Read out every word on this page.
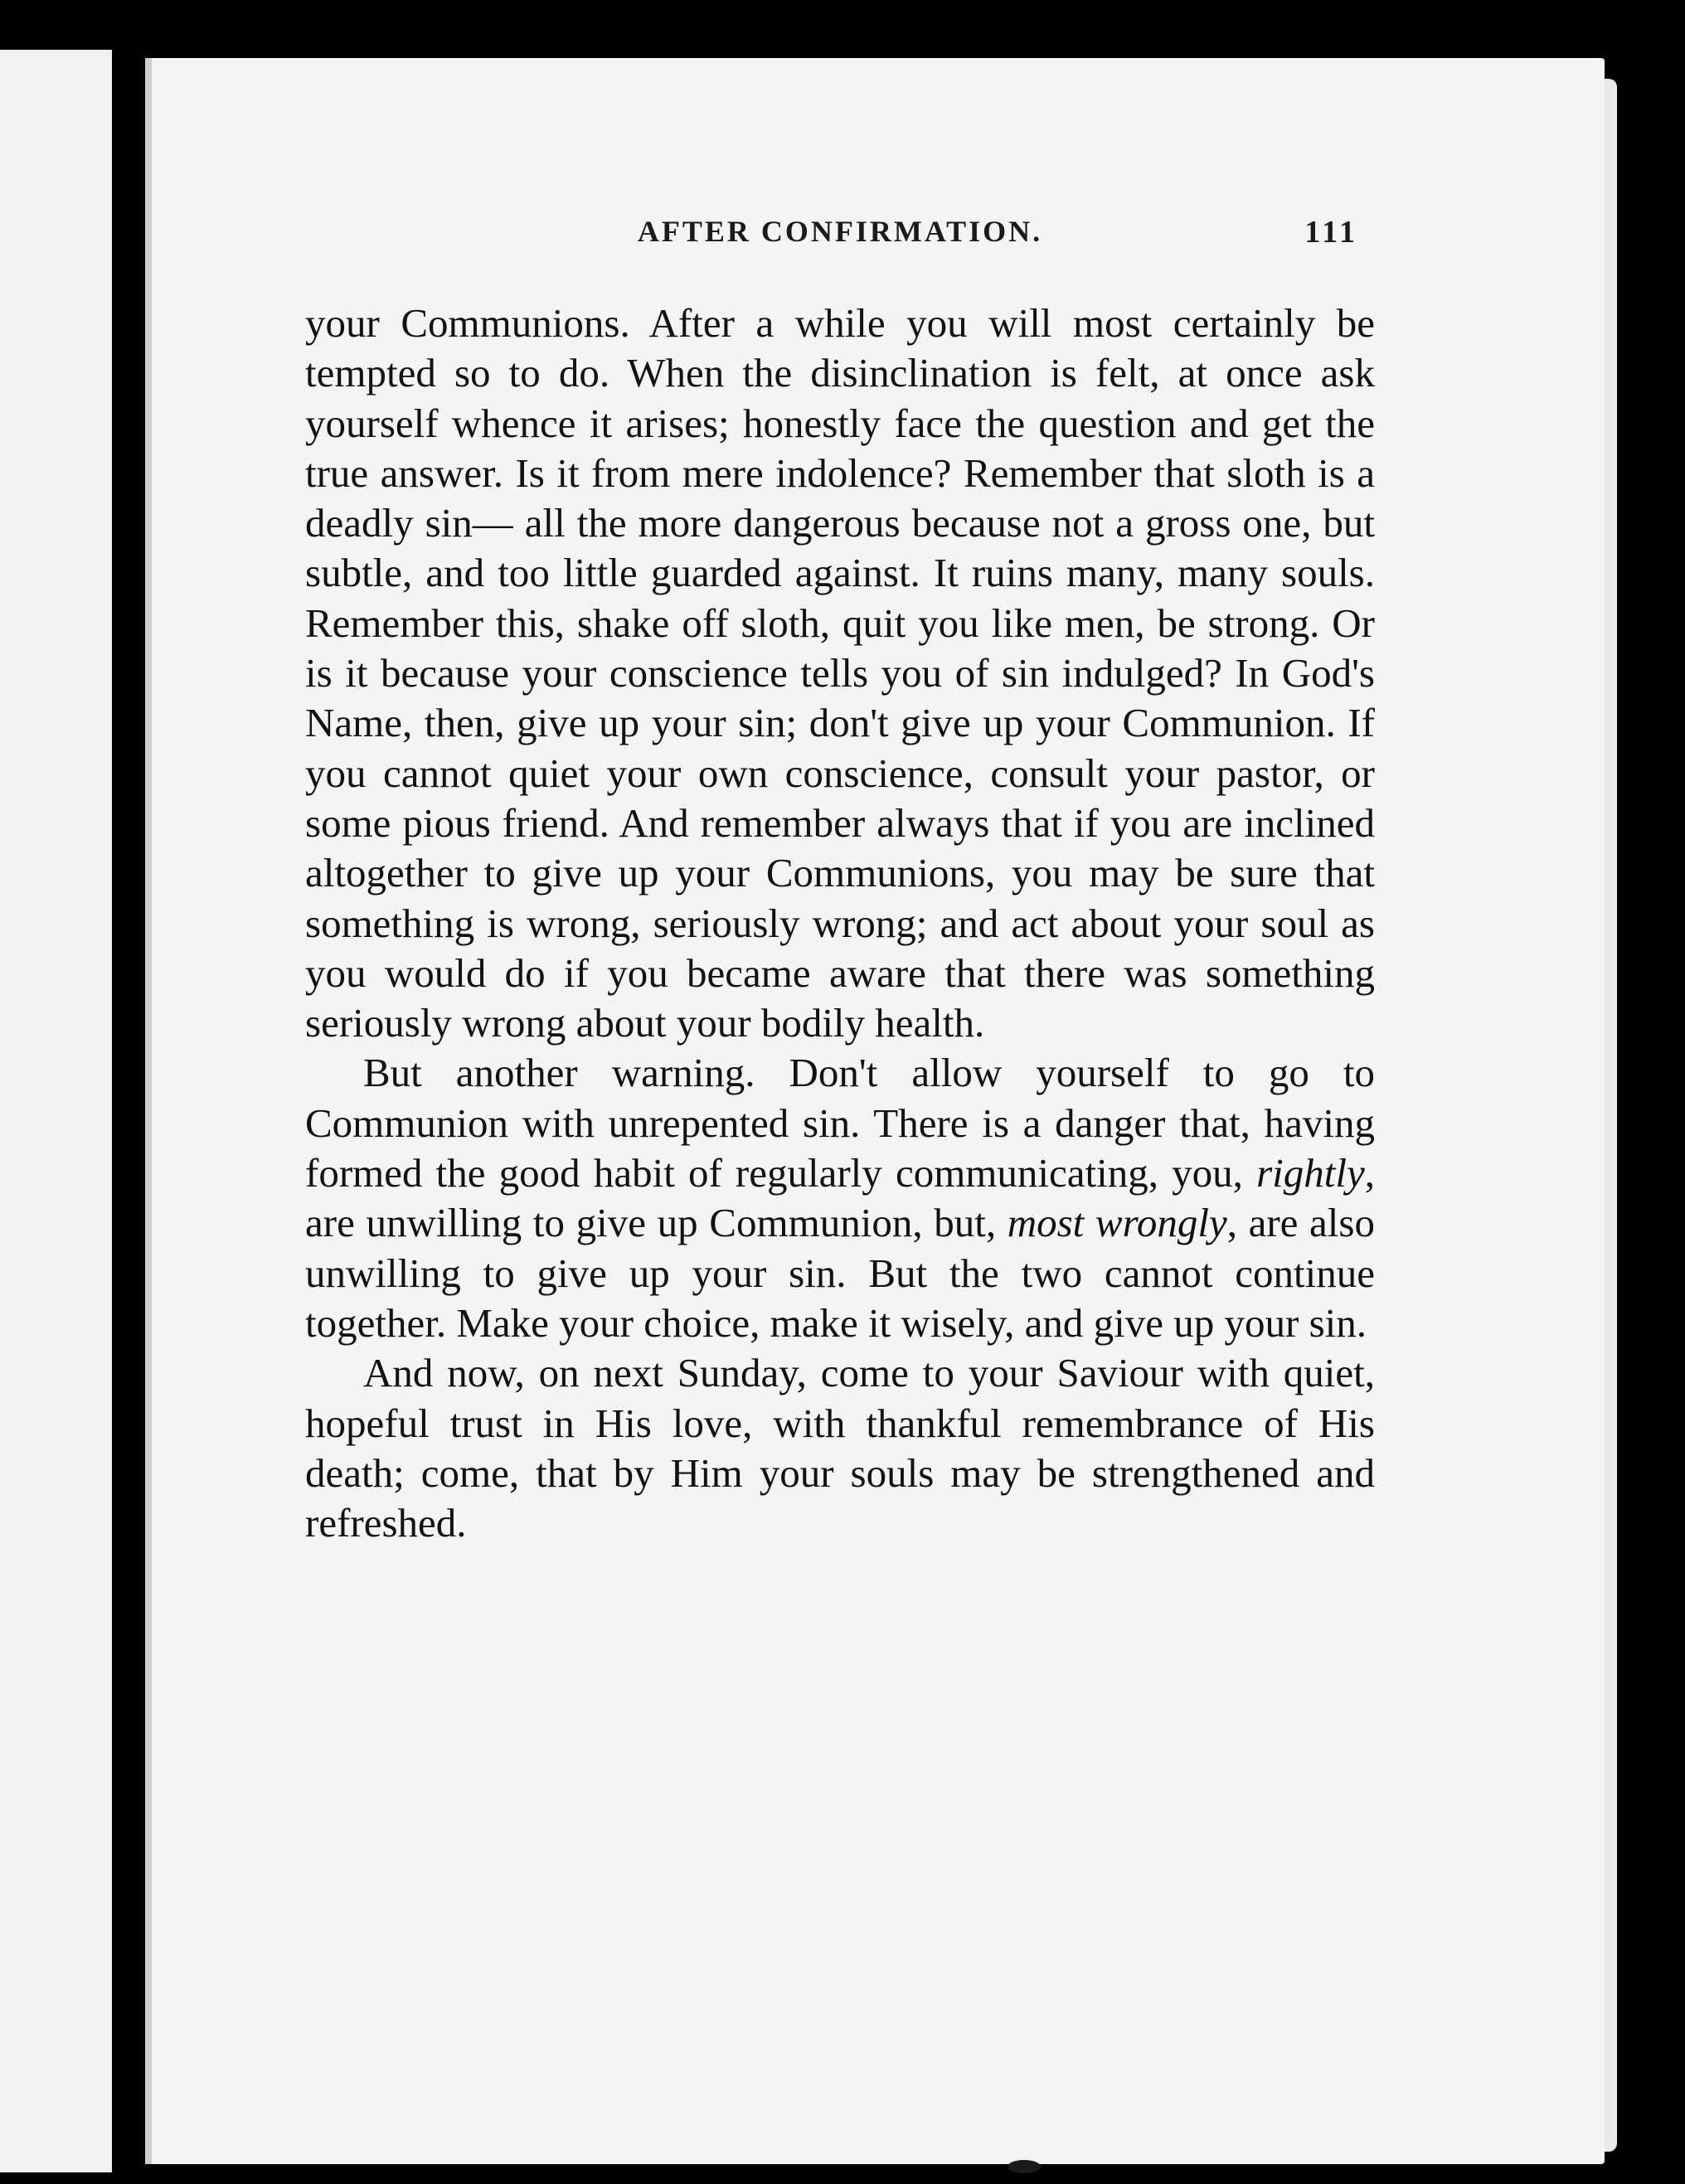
AFTER CONFIRMATION.	111

your Communions. After a while you will most certainly be tempted so to do. When the disinclination is felt, at once ask yourself whence it arises; honestly face the question and get the true answer. Is it from mere indolence? Remember that sloth is a deadly sin— all the more dangerous because not a gross one, but subtle, and too little guarded against. It ruins many, many souls. Remember this, shake off sloth, quit you like men, be strong. Or is it because your conscience tells you of sin indulged? In God's Name, then, give up your sin; don't give up your Communion. If you cannot quiet your own conscience, consult your pastor, or some pious friend. And remember always that if you are inclined altogether to give up your Communions, you may be sure that something is wrong, seriously wrong; and act about your soul as you would do if you became aware that there was something seriously wrong about your bodily health.

But another warning. Don't allow yourself to go to Communion with unrepented sin. There is a danger that, having formed the good habit of regularly communicating, you, rightly, are unwilling to give up Communion, but, most wrongly, are also unwilling to give up your sin. But the two cannot continue together. Make your choice, make it wisely, and give up your sin.

And now, on next Sunday, come to your Saviour with quiet, hopeful trust in His love, with thankful remembrance of His death; come, that by Him your souls may be strengthened and refreshed.
